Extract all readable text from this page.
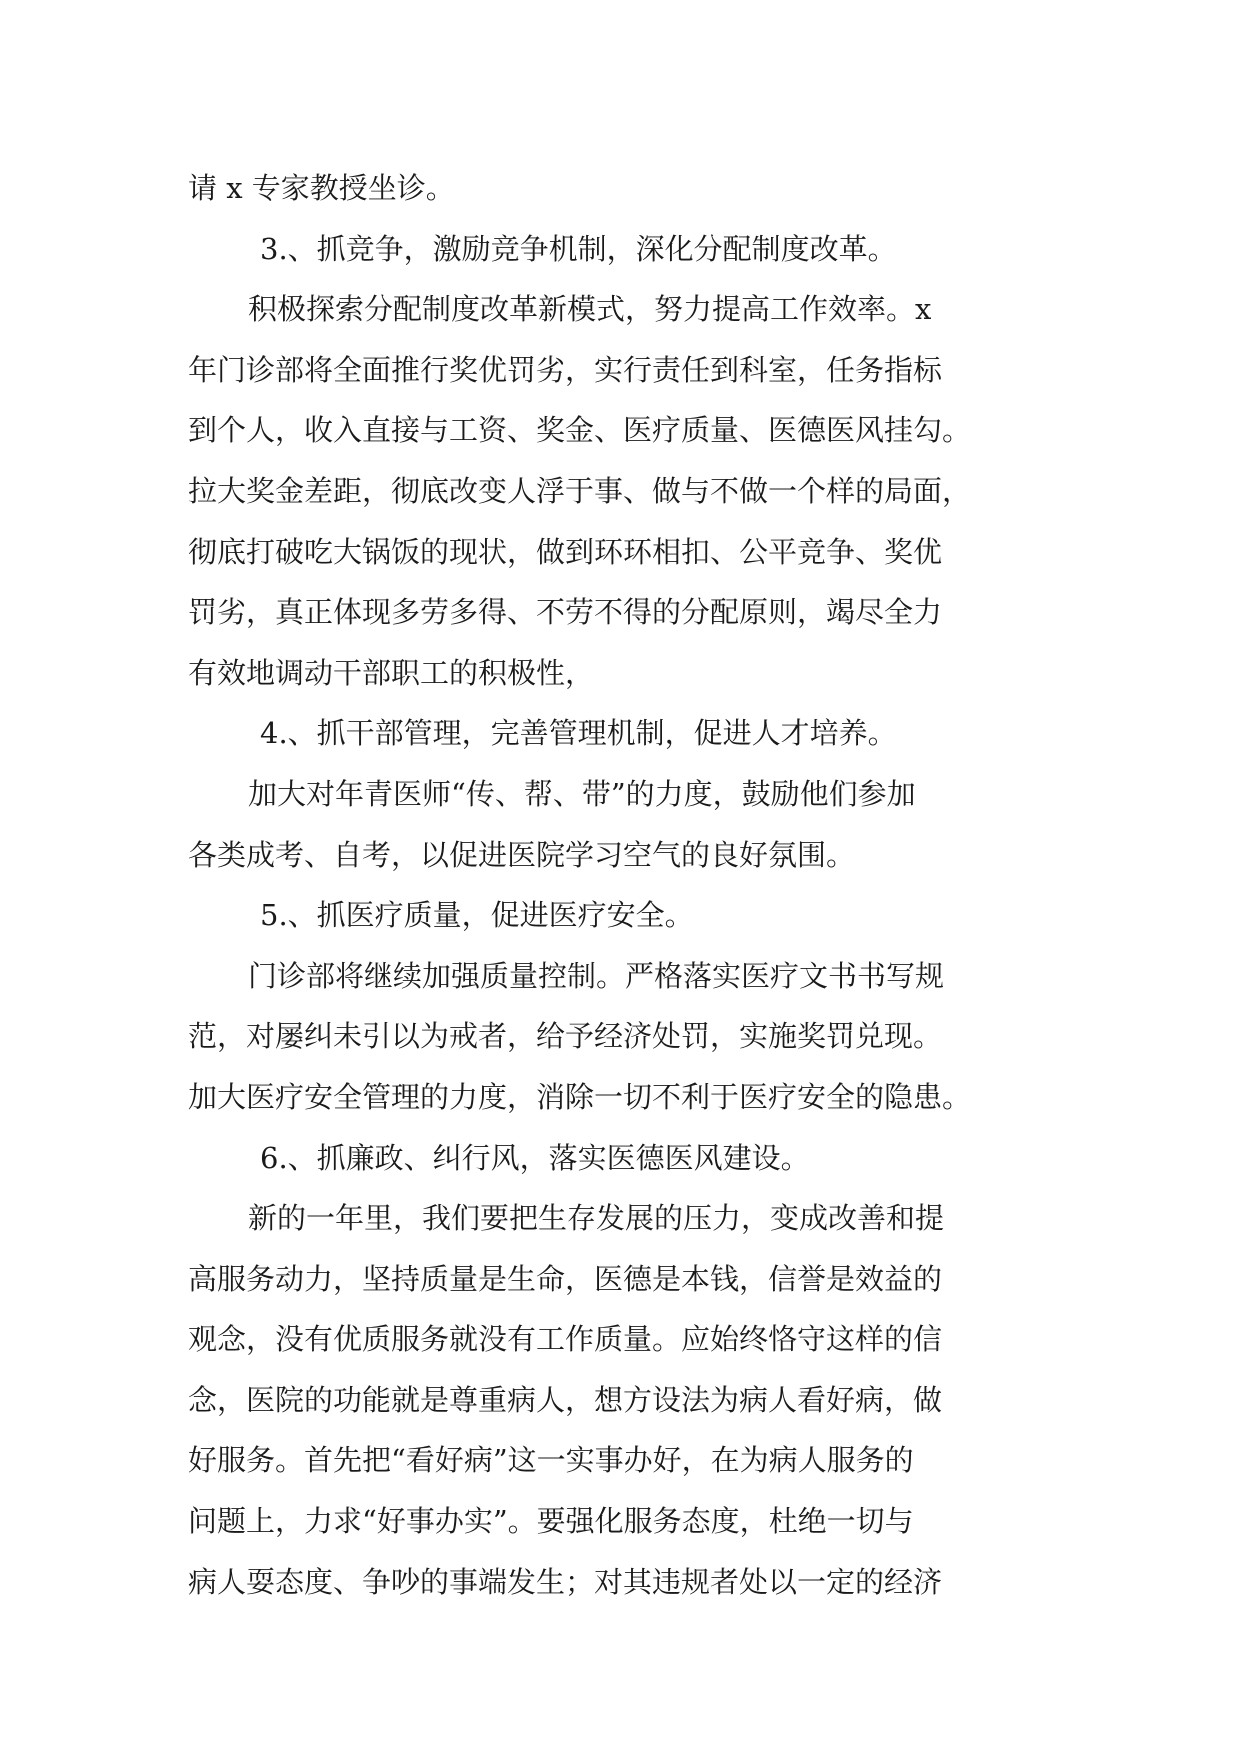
请 x 专家教授坐诊。
3.、抓竞争，激励竞争机制，深化分配制度改革。
积极探索分配制度改革新模式，努力提高工作效率。x
年门诊部将全面推行奖优罚劣，实行责任到科室，任务指标
到个人，收入直接与工资、奖金、医疗质量、医德医风挂勾。
拉大奖金差距，彻底改变人浮于事、做与不做一个样的局面，
彻底打破吃大锅饭的现状，做到环环相扣、公平竞争、奖优
罚劣，真正体现多劳多得、不劳不得的分配原则，竭尽全力
有效地调动干部职工的积极性，
4.、抓干部管理，完善管理机制，促进人才培养。
加大对年青医师“传、帮、带”的力度，鼓励他们参加
各类成考、自考，以促进医院学习空气的良好氛围。
5.、抓医疗质量，促进医疗安全。
门诊部将继续加强质量控制。严格落实医疗文书书写规
范，对屡纠未引以为戒者，给予经济处罚，实施奖罚兑现。
加大医疗安全管理的力度，消除一切不利于医疗安全的隐患。
6.、抓廉政、纠行风，落实医德医风建设。
新的一年里，我们要把生存发展的压力，变成改善和提
高服务动力，坚持质量是生命，医德是本钱，信誉是效益的
观念，没有优质服务就没有工作质量。应始终恪守这样的信
念，医院的功能就是尊重病人，想方设法为病人看好病，做
好服务。首先把“看好病”这一实事办好，在为病人服务的
问题上，力求“好事办实”。要强化服务态度，杜绝一切与
病人耍态度、争吵的事端发生；对其违规者处以一定的经济
